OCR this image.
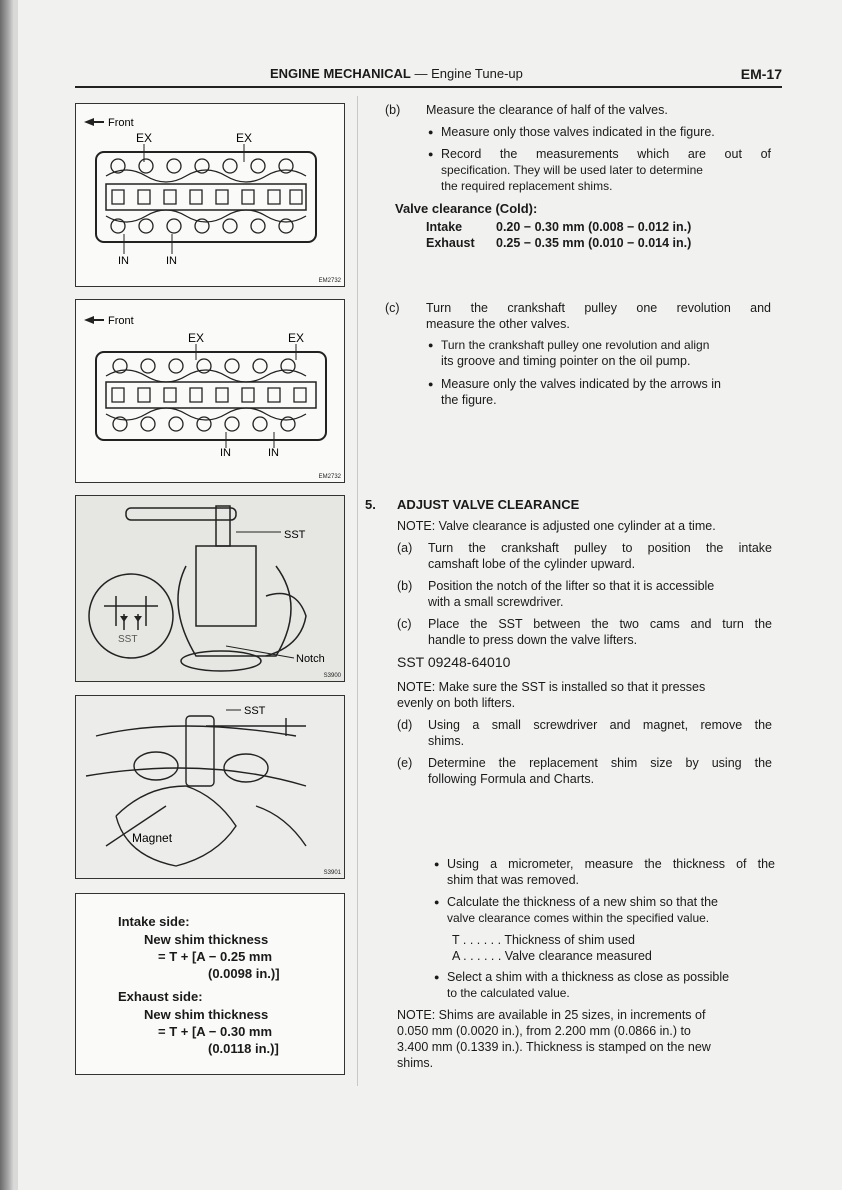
ENGINE MECHANICAL — Engine Tune-up	EM-17
Front
EX	EX
IN	IN
EM2732
Front
EX	EX
IN	IN
EM2732
SST
SST
Notch
S3900
SST
Magnet
S3901
Intake side:
New shim thickness
= T + [A − 0.25 mm
(0.0098 in.)]
Exhaust side:
New shim thickness
= T + [A − 0.30 mm
(0.0118 in.)]
(b) Measure the clearance of half of the valves.
● Measure only those valves indicated in the figure.
● Record the measurements which are out of
specification. They will be used later to determine
the required replacement shims.
Valve clearance (Cold):
Intake	0.20 − 0.30 mm (0.008 − 0.012 in.)
Exhaust 0.25 − 0.35 mm (0.010 − 0.014 in.)
(c) Turn the crankshaft pulley one revolution and
measure the other valves.
● Turn the crankshaft pulley one revolution and align
its groove and timing pointer on the oil pump.
● Measure only the valves indicated by the arrows in
the figure.
5. ADJUST VALVE CLEARANCE
NOTE: Valve clearance is adjusted one cylinder at a time.
(a) Turn the crankshaft pulley to position the intake
camshaft lobe of the cylinder upward.
(b) Position the notch of the lifter so that it is accessible
with a small screwdriver.
(c) Place the SST between the two cams and turn the
handle to press down the valve lifters.
SST 09248-64010
NOTE: Make sure the SST is installed so that it presses
evenly on both lifters.
(d) Using a small screwdriver and magnet, remove the
shims.
(e) Determine the replacement shim size by using the
following Formula and Charts.
● Using a micrometer, measure the thickness of the
shim that was removed.
● Calculate the thickness of a new shim so that the
valve clearance comes within the specified value.
T . . . . . . Thickness of shim used
A . . . . . . Valve clearance measured
● Select a shim with a thickness as close as possible
to the calculated value.
NOTE: Shims are available in 25 sizes, in increments of
0.050 mm (0.0020 in.), from 2.200 mm (0.0866 in.) to
3.400 mm (0.1339 in.). Thickness is stamped on the new
shims.
